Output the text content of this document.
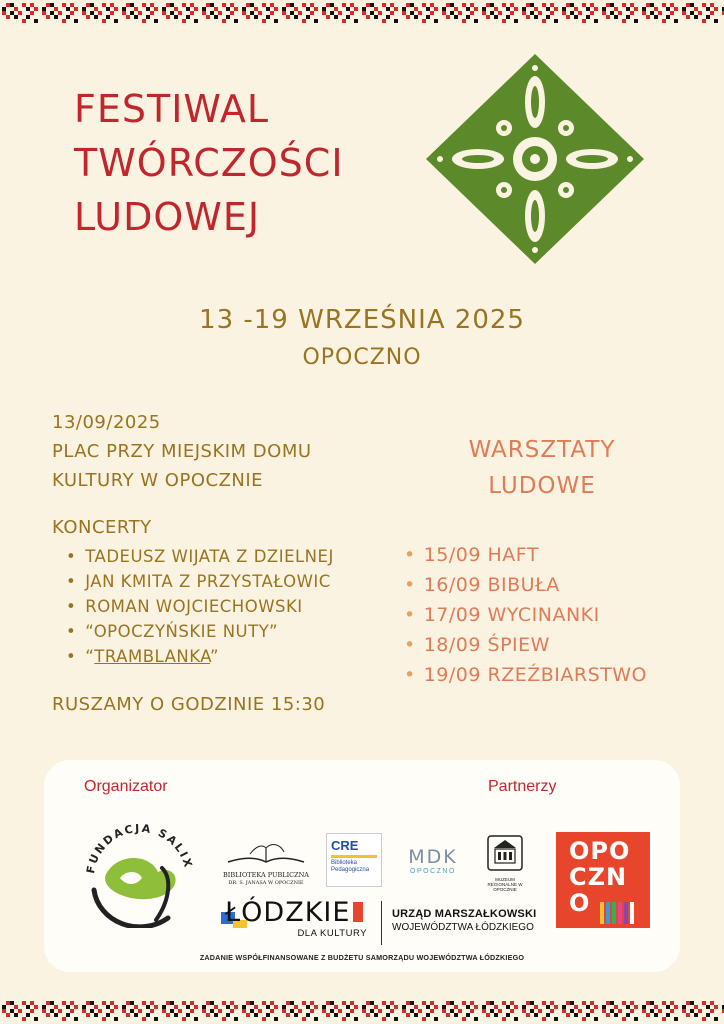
FESTIWAL
TWÓRCZOŚCI
LUDOWEJ
13 -19 WRZEŚNIA 2025
OPOCZNO
13/09/2025
PLAC PRZY MIEJSKIM DOMU
KULTURY W OPOCZNIE
KONCERTY
• TADEUSZ WIJATA Z DZIELNEJ
• JAN KMITA Z PRZYSTAŁOWIC
• ROMAN WOJCIECHOWSKI
• “OPOCZYŃSKIE NUTY”
• “TRAMBLANKA”
RUSZAMY O GODZINIE 15:30
WARSZTATY
LUDOWE
• 15/09 HAFT
• 16/09 BIBUŁA
• 17/09 WYCINANKI
• 18/09 ŚPIEW
• 19/09 RZEŹBIARSTWO
Organizator	Partnerzy
FUNDACJA SALIX
BIBLIOTEKA PUBLICZNA
DR. S. JANASA W OPOCZNIE
CRE
Biblioteka Pedagogiczna
MDK
OPOCZNO
MUZEUM REGIONALNE W OPOCZNIE
OPO
CZN
O
ŁÓDZKIE
DLA KULTURY
URZĄD MARSZAŁKOWSKI
WOJEWÓDZTWA ŁÓDZKIEGO
ZADANIE WSPÓŁFINANSOWANE Z BUDŻETU SAMORZĄDU WOJEWÓDZTWA ŁÓDZKIEGO
